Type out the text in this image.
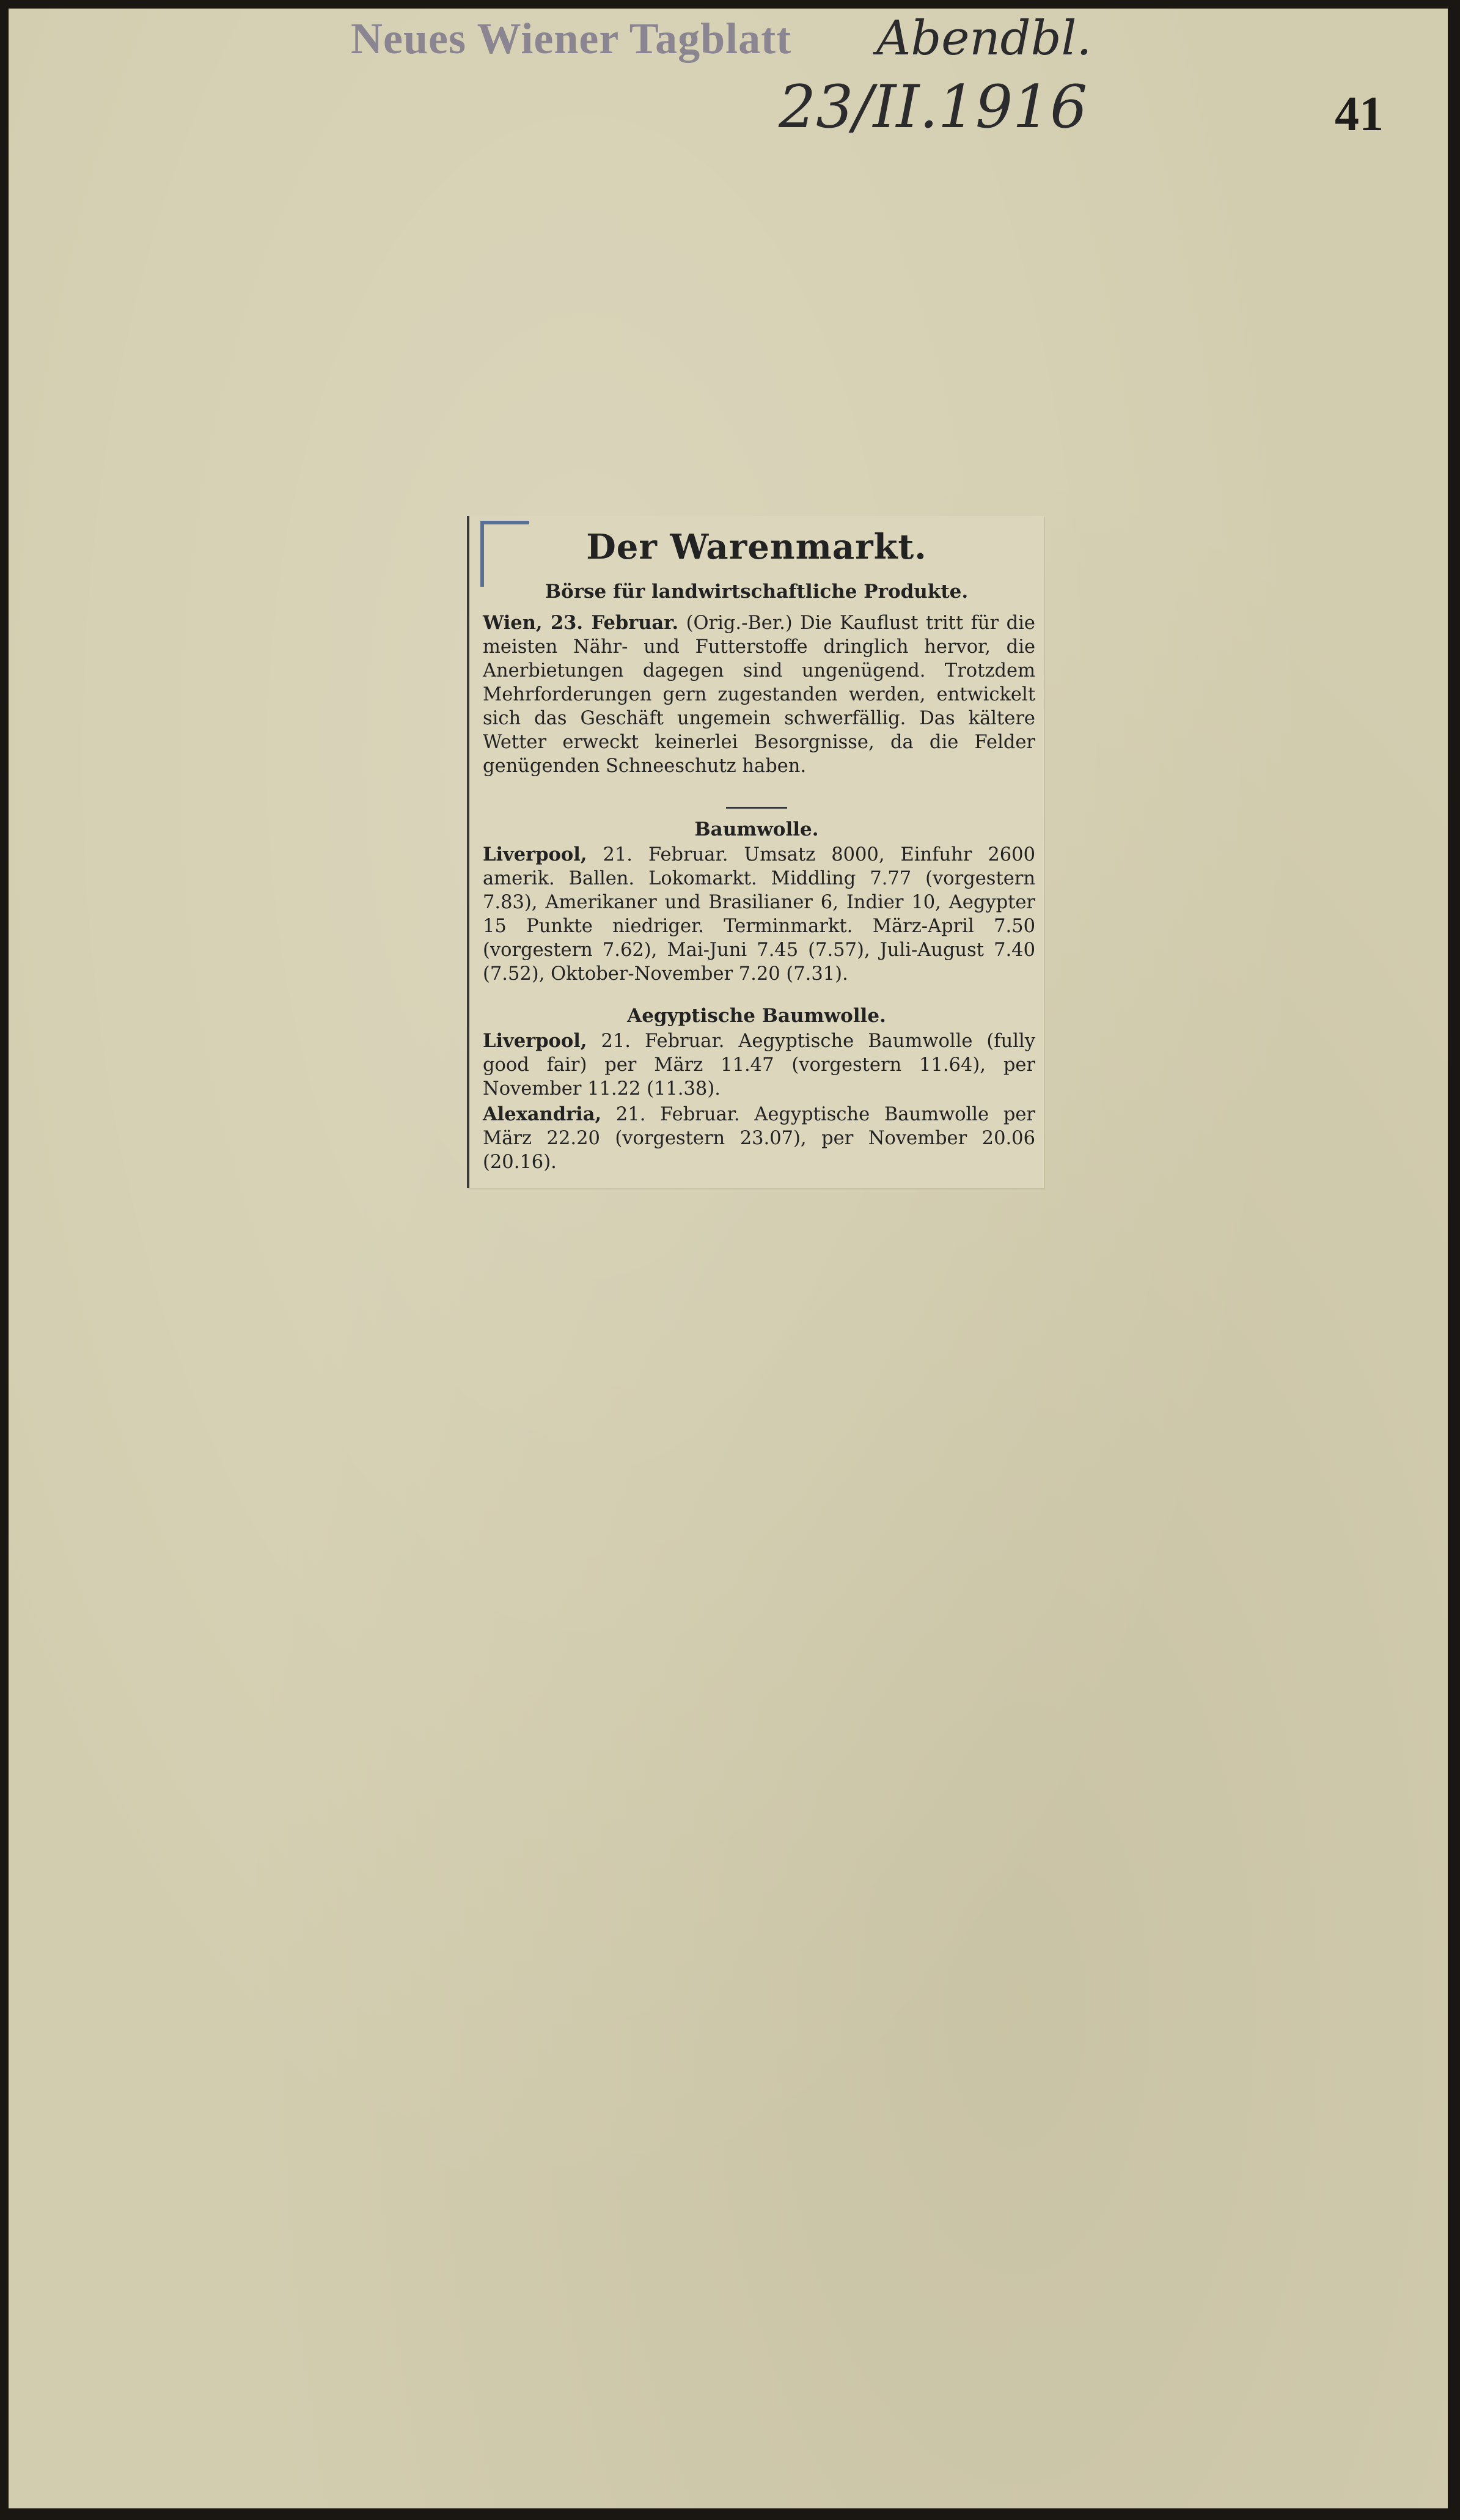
Neues Wiener Tagblatt Abendbl.
23/II.1916	41
Der Warenmarkt.
Börse für landwirtschaftliche Produkte.
Wien, 23. Februar. (Orig.-Ber.) Die Kauflust tritt für die meisten Nähr- und Futterstoffe dringlich hervor, die Anerbietungen dagegen sind ungenügend. Trotzdem Mehrforderungen gern zugestanden werden, entwickelt sich das Geschäft ungemein schwerfällig. Das kältere Wetter erweckt keinerlei Besorgnisse, da die Felder genügenden Schneeschutz haben.
Baumwolle.
Liverpool, 21. Februar. Umsatz 8000, Einfuhr 2600 amerik. Ballen. Lokomarkt. Middling 7.77 (vorgestern 7.83), Amerikaner und Brasilianer 6, Indier 10, Aegypter 15 Punkte niedriger. Terminmarkt. März-April 7.50 (vorgestern 7.62), Mai-Juni 7.45 (7.57), Juli-August 7.40 (7.52), Oktober-November 7.20 (7.31).
Aegyptische Baumwolle.
Liverpool, 21. Februar. Aegyptische Baumwolle (fully good fair) per März 11.47 (vorgestern 11.64), per November 11.22 (11.38).
Alexandria, 21. Februar. Aegyptische Baumwolle per März 22.20 (vorgestern 23.07), per November 20.06 (20.16).
